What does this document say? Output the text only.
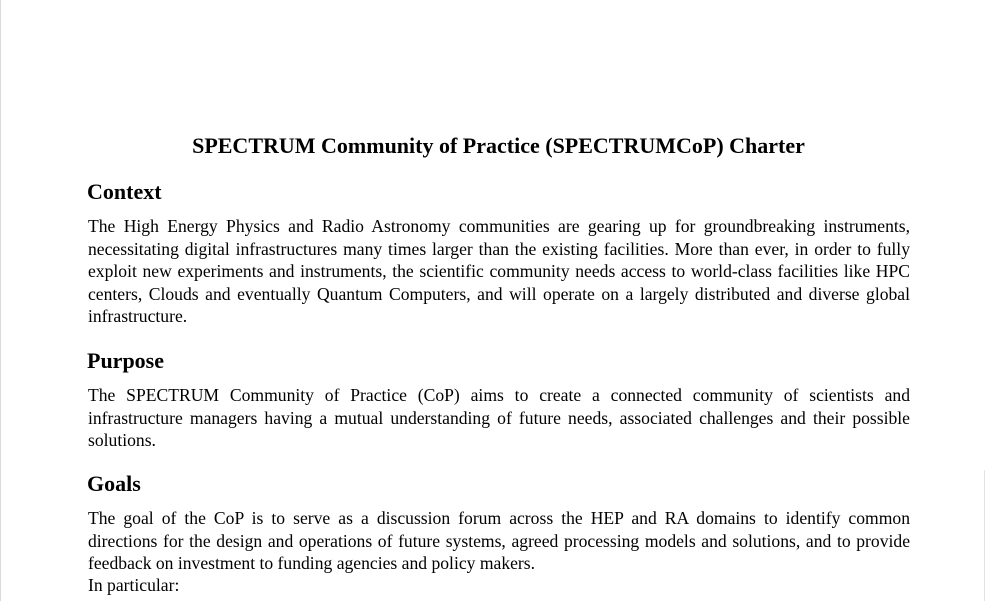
SPECTRUM Community of Practice (SPECTRUMCoP) Charter
Context

The High Energy Physics and Radio Astronomy communities are gearing up for groundbreaking instruments, necessitating digital infrastructures many times larger than the existing facilities. More than ever, in order to fully exploit new experiments and instruments, the scientific community needs access to world-class facilities like HPC centers, Clouds and eventually Quantum Computers, and will operate on a largely distributed and diverse global infrastructure.

Purpose

The SPECTRUM Community of Practice (CoP) aims to create a connected community of scientists and infrastructure managers having a mutual understanding of future needs, associated challenges and their possible solutions.

Goals

The goal of the CoP is to serve as a discussion forum across the HEP and RA domains to identify common directions for the design and operations of future systems, agreed processing models and solutions, and to provide feedback on investment to funding agencies and policy makers.

In particular:
